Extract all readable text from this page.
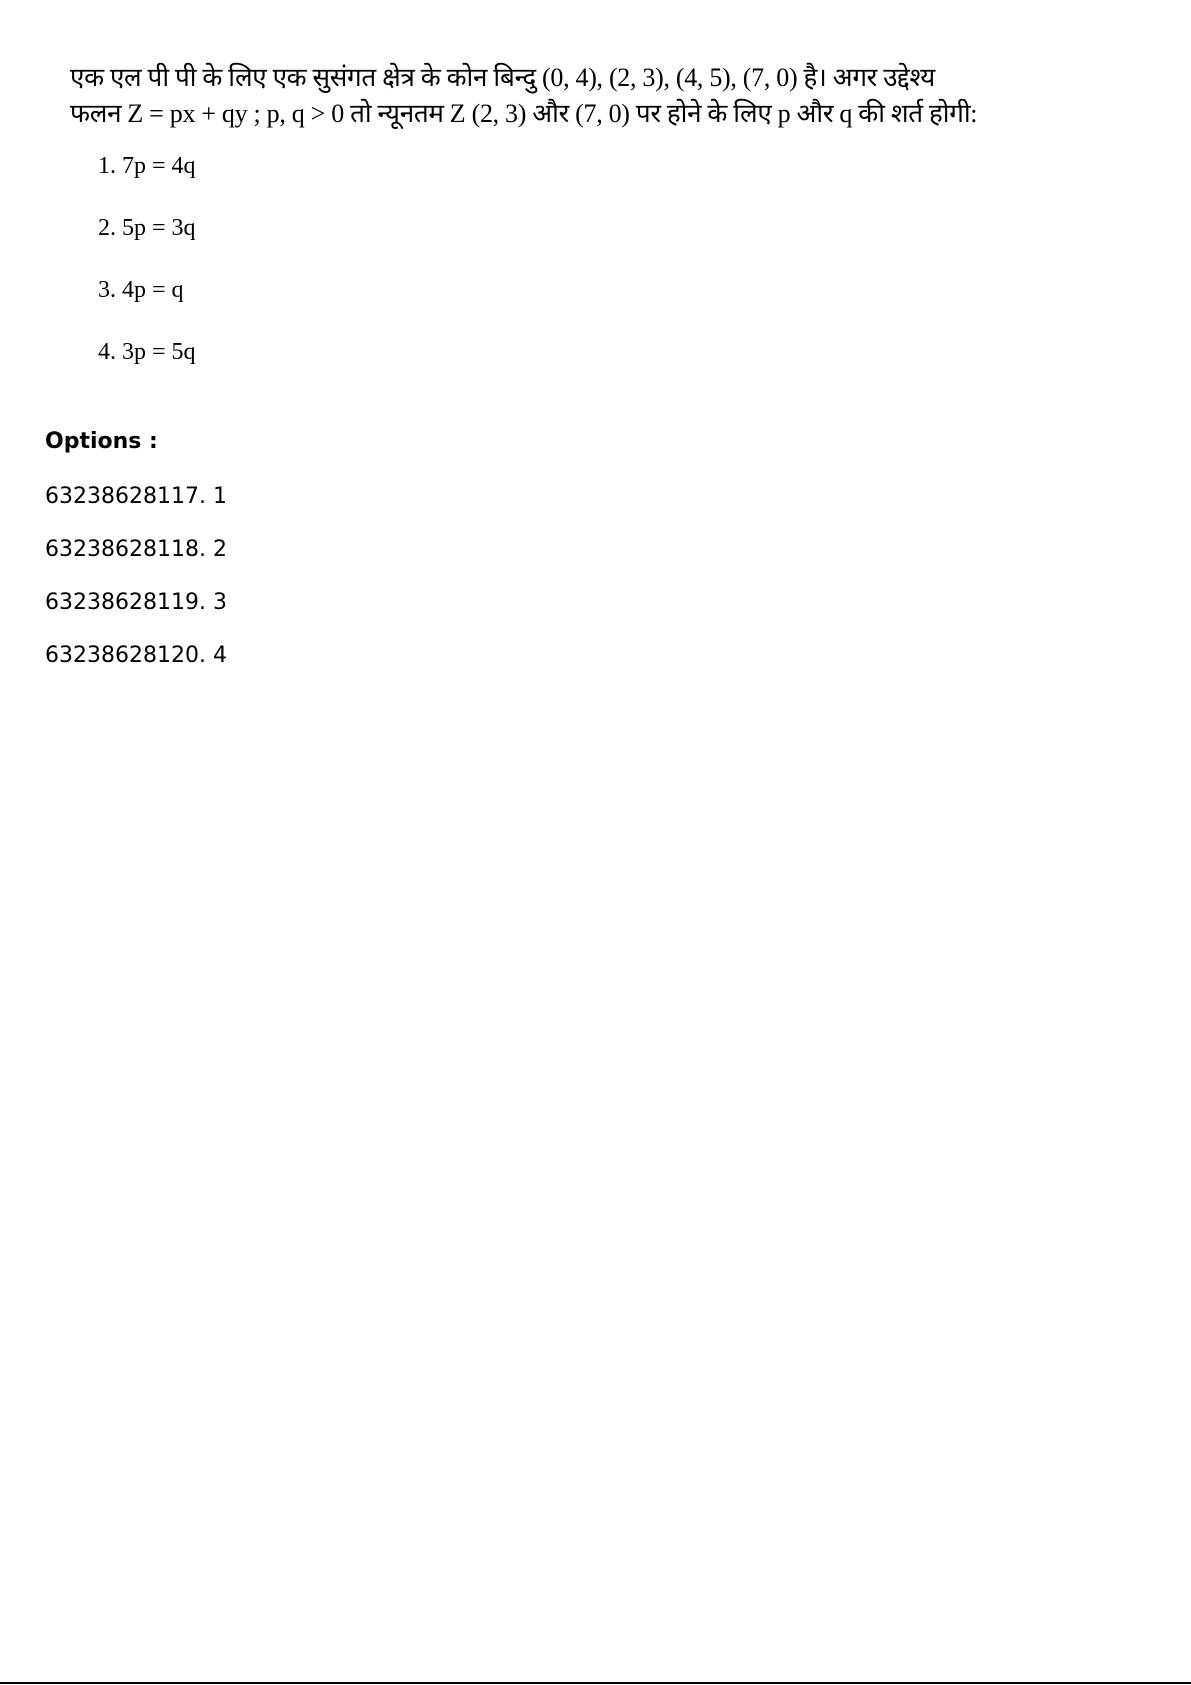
एक एल पी पी के लिए एक सुसंगत क्षेत्र के कोन बिन्दु (0, 4), (2, 3), (4, 5), (7, 0) है। अगर उद्देश्य
फलन Z = px + qy ; p, q > 0 तो न्यूनतम Z (2, 3) और (7, 0) पर होने के लिए p और q की शर्त होगी:
1. 7p = 4q
2. 5p = 3q
3. 4p = q
4. 3p = 5q
Options :
63238628117. 1
63238628118. 2
63238628119. 3
63238628120. 4
